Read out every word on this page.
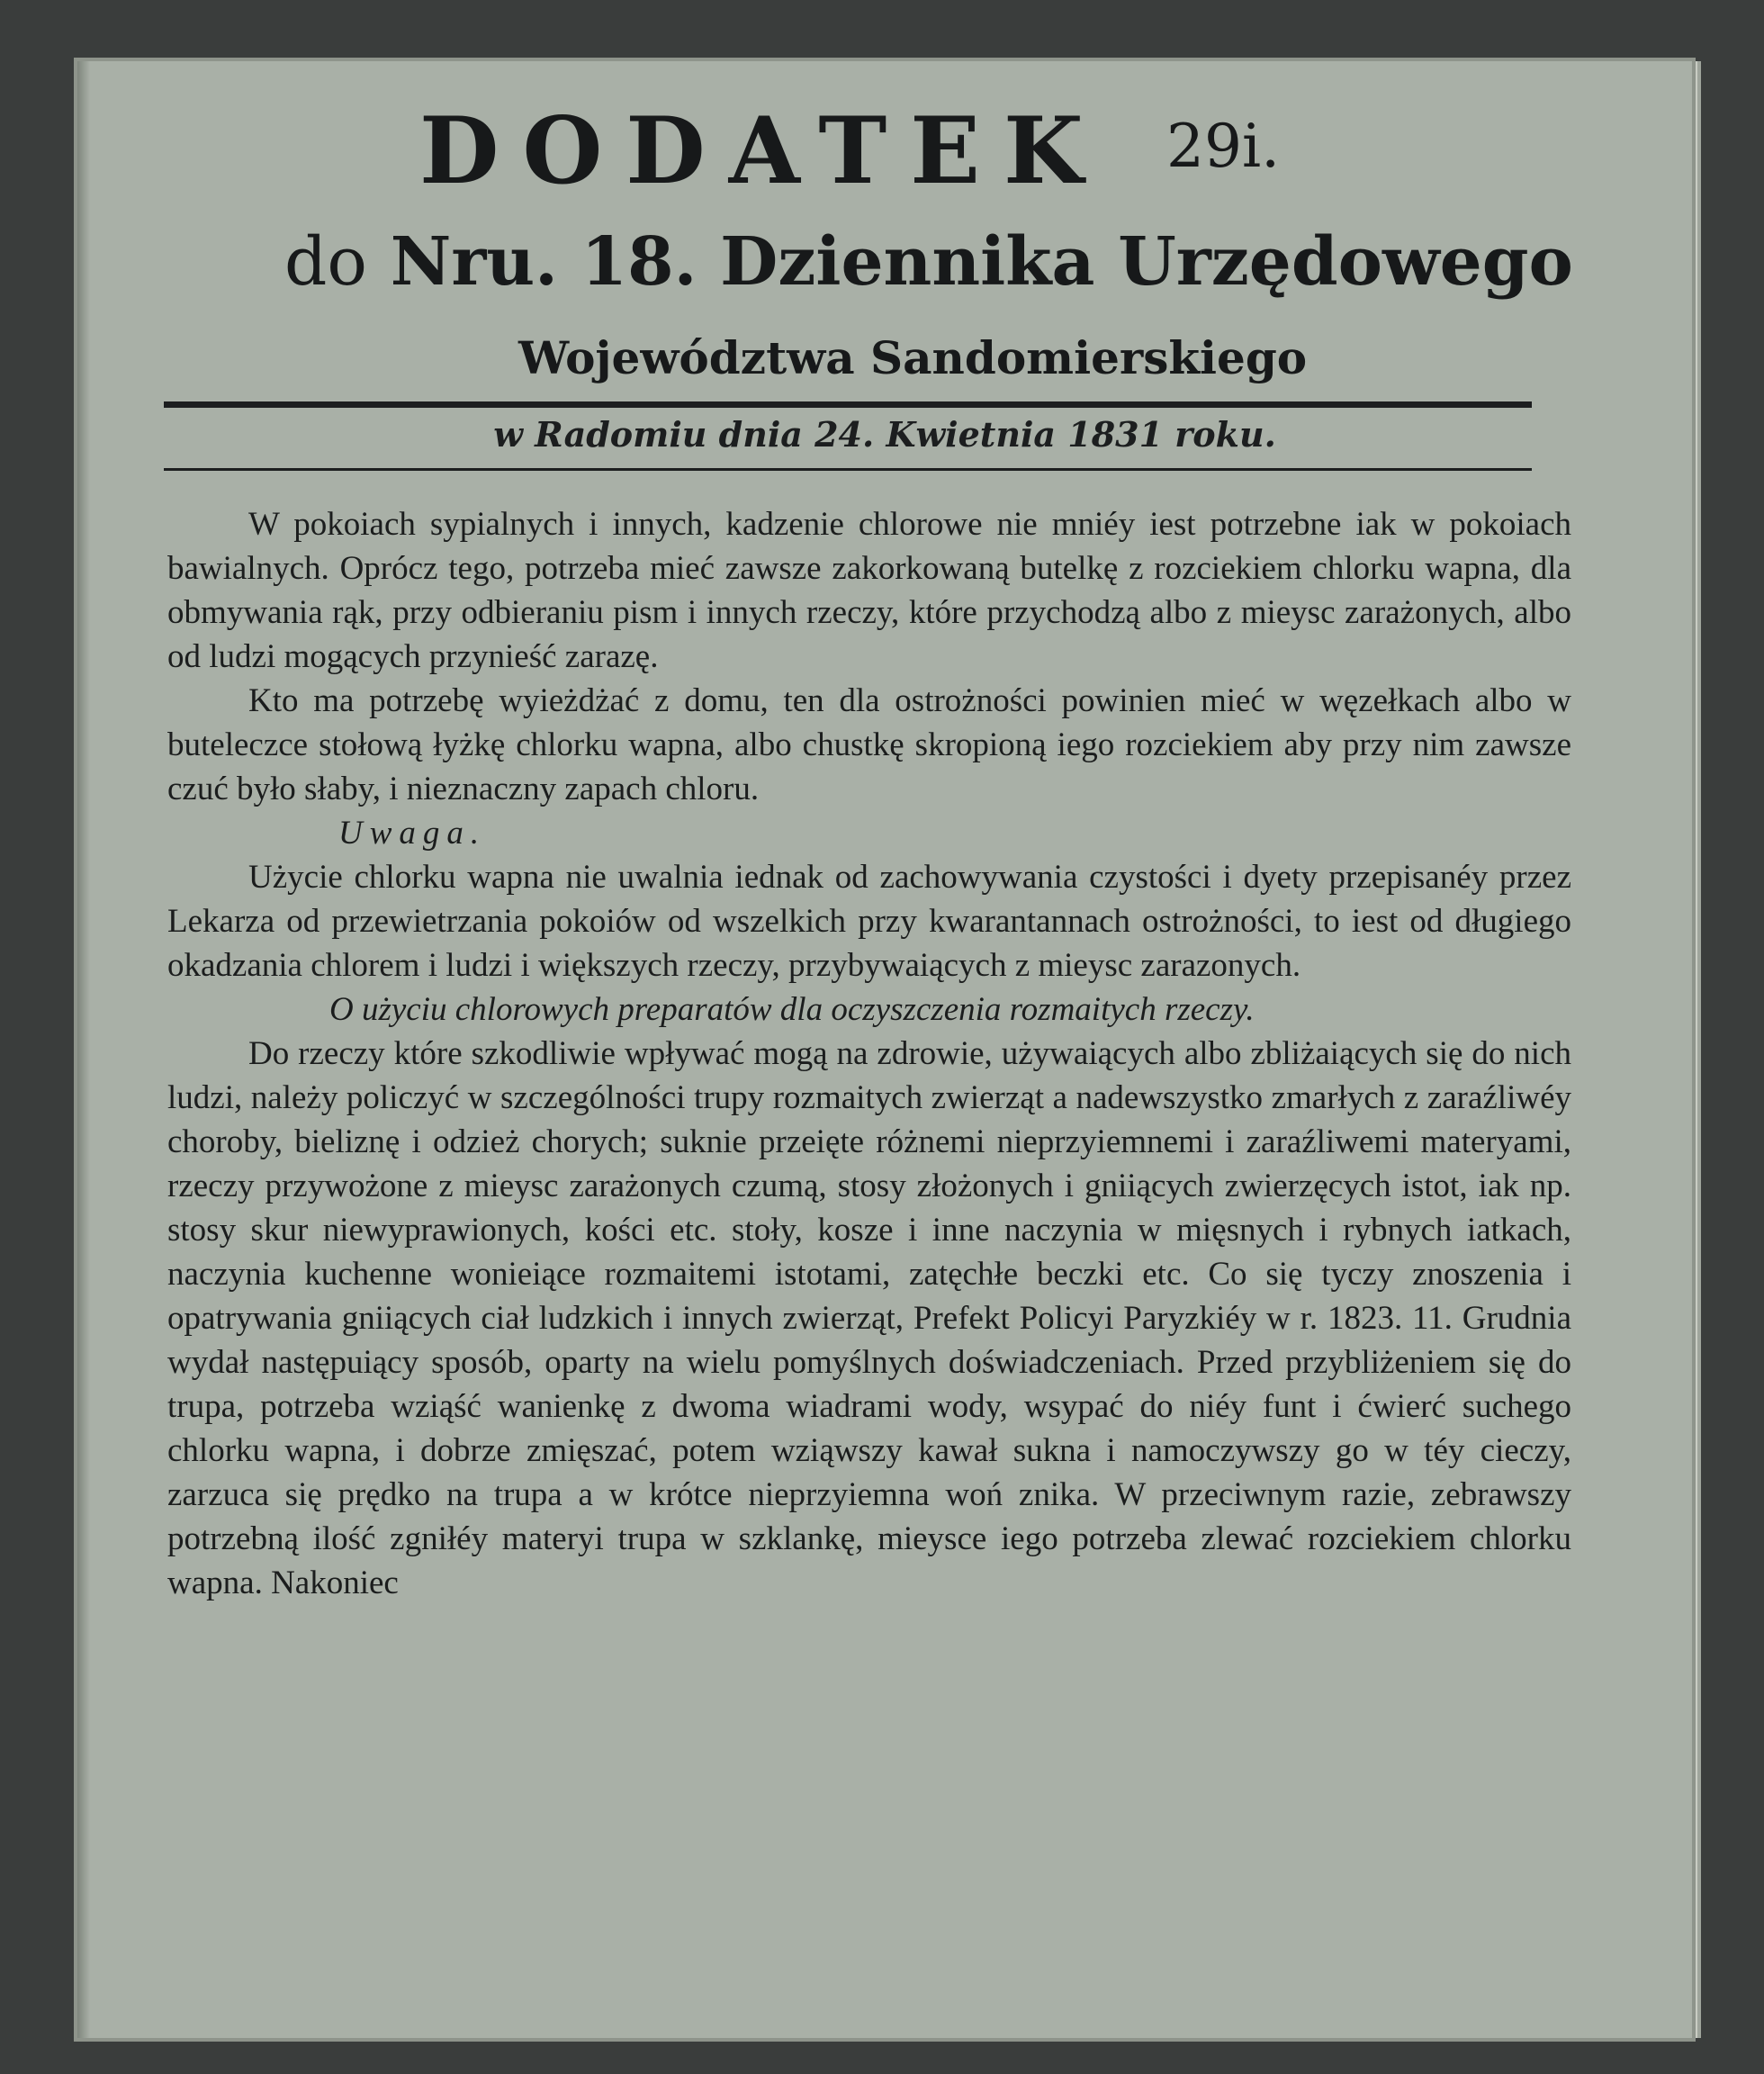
DODATEK 29i.
do Nru. 18. Dziennika Urzędowego
Województwa Sandomierskiego
w Radomiu dnia 24. Kwietnia 1831 roku.

W pokoiach sypialnych i innych, kadzenie chlorowe nie mniéy iest potrzebne iak w pokoiach bawialnych. Oprócz tego, potrzeba mieć zawsze zakorkowaną butelkę z rozciekiem chlorku wapna, dla obmywania rąk, przy odbieraniu pism i innych rzeczy, które przychodzą albo z mieysc zarażonych, albo od ludzi mogących przynieść zarazę.

Kto ma potrzebę wyieżdżać z domu, ten dla ostrożności powinien mieć w węzełkach albo w buteleczce stołową łyżkę chlorku wapna, albo chustkę skropioną iego rozciekiem aby przy nim zawsze czuć było słaby, i nieznaczny zapach chloru.

Uwaga.

Użycie chlorku wapna nie uwalnia iednak od zachowywania czystości i dyety przepisanéy przez Lekarza od przewietrzania pokoiów od wszelkich przy kwarantannach ostrożności, to iest od długiego okadzania chlorem i ludzi i większych rzeczy, przybywaiących z mieysc zarazonych.

O użyciu chlorowych preparatów dla oczyszczenia rozmaitych rzeczy.

Do rzeczy które szkodliwie wpływać mogą na zdrowie, używaiących albo zbliżaiących się do nich ludzi, należy policzyć w szczególności trupy rozmaitych zwierząt a nadewszystko zmarłych z zaraźliwéy choroby, bieliznę i odzież chorych; suknie przeięte różnemi nieprzyiemnemi i zaraźliwemi materyami, rzeczy przywożone z mieysc zarażonych czumą, stosy złożonych i gniiących zwierzęcych istot, iak np. stosy skur niewyprawionych, kości etc. stoły, kosze i inne naczynia w mięsnych i rybnych iatkach, naczynia kuchenne wonieiące rozmaitemi istotami, zatęchłe beczki etc. Co się tyczy znoszenia i opatrywania gniiących ciał ludzkich i innych zwierząt, Prefekt Policyi Paryzkiéy w r. 1823. 11. Grudnia wydał następuiący sposób, oparty na wielu pomyślnych doświadczeniach. Przed przybliżeniem się do trupa, potrzeba wziąść wanienkę z dwoma wiadrami wody, wsypać do niéy funt i ćwierć suchego chlorku wapna, i dobrze zmięszać, potem wziąwszy kawał sukna i namoczywszy go w téy cieczy, zarzuca się prędko na trupa a w krótce nieprzyiemna woń znika. W przeciwnym razie, zebrawszy potrzebną ilość zgniłéy materyi trupa w szklankę, mieysce iego potrzeba zlewać rozciekiem chlorku wapna. Nakoniec
